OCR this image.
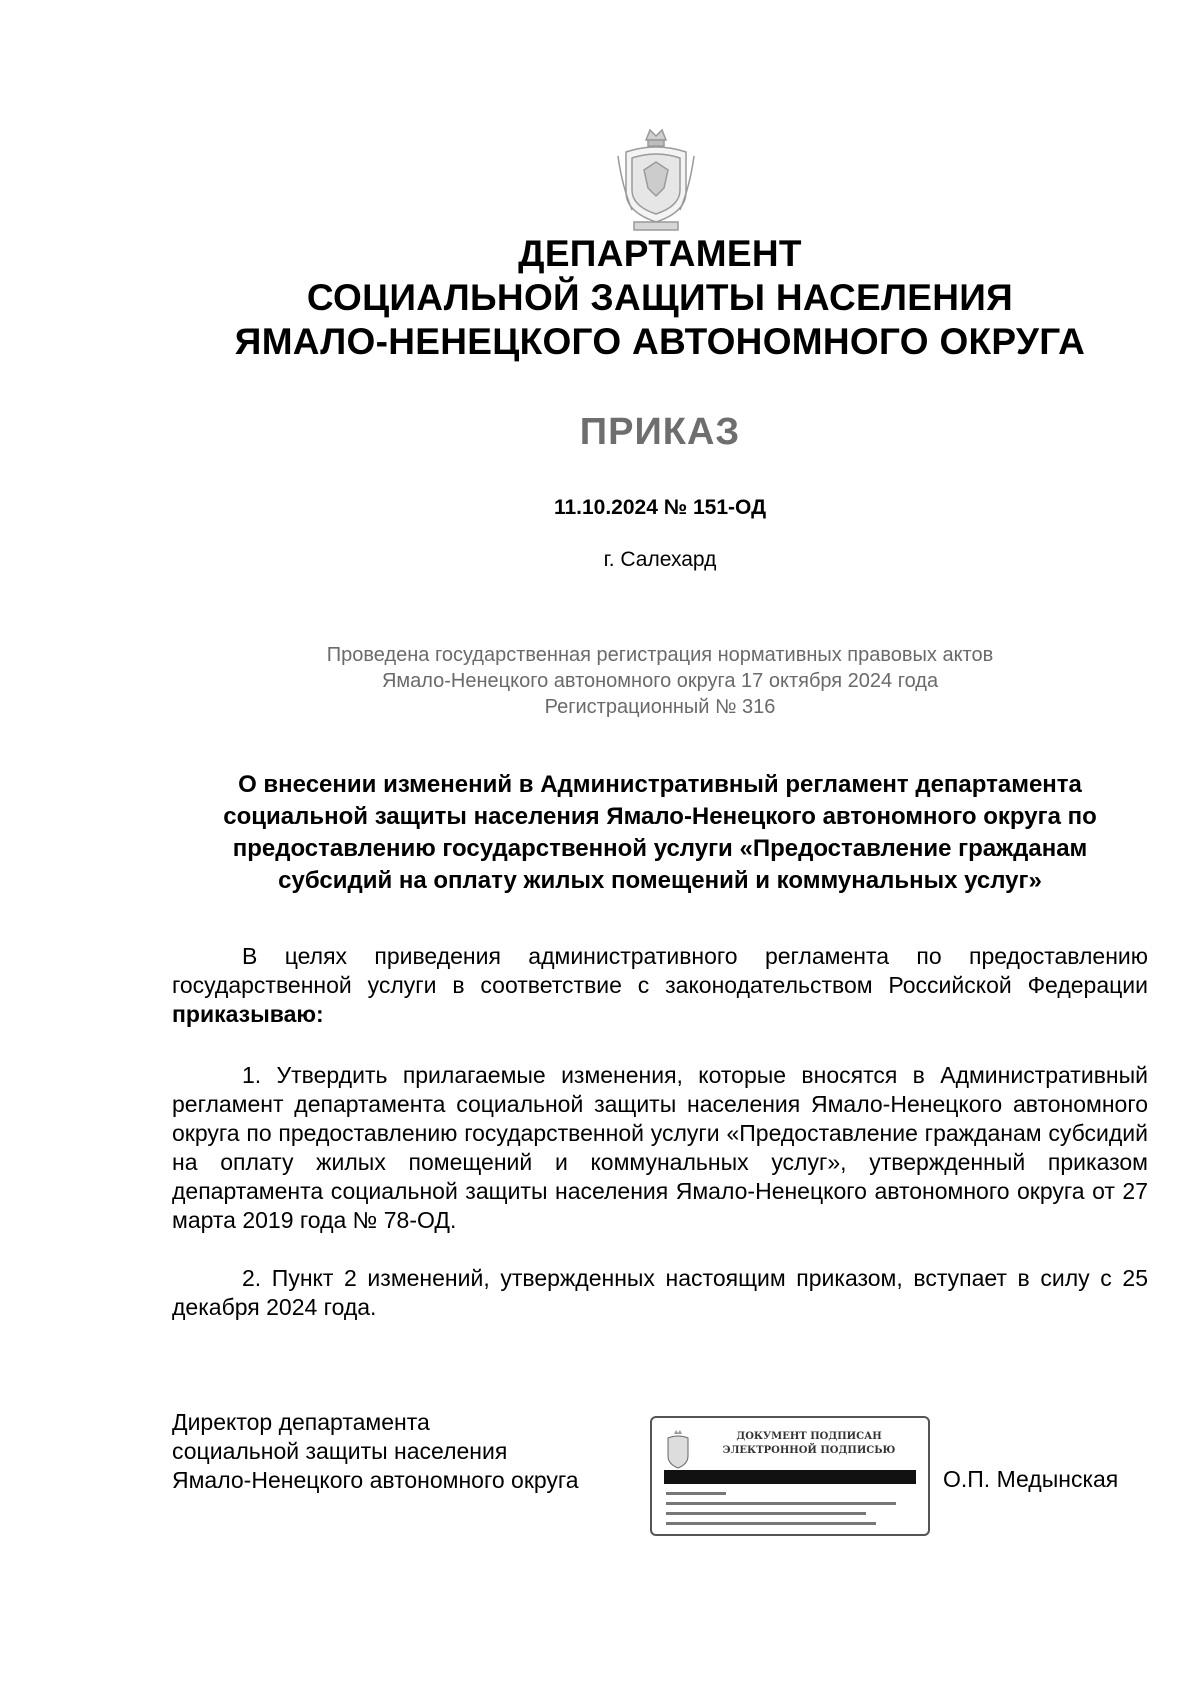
ДЕПАРТАМЕНТ
СОЦИАЛЬНОЙ ЗАЩИТЫ НАСЕЛЕНИЯ
ЯМАЛО-НЕНЕЦКОГО АВТОНОМНОГО ОКРУГА
ПРИКАЗ
11.10.2024 № 151-ОД
г. Салехард
Проведена государственная регистрация нормативных правовых актов
Ямало-Ненецкого автономного округа 17 октября 2024 года
Регистрационный № 316
О внесении изменений в Административный регламент департамента
социальной защиты населения Ямало-Ненецкого автономного округа по
предоставлению государственной услуги «Предоставление гражданам
субсидий на оплату жилых помещений и коммунальных услуг»
В целях приведения административного регламента по предоставлению государственной услуги в соответствие с законодательством Российской Федерации приказываю:
1. Утвердить прилагаемые изменения, которые вносятся в Административный регламент департамента социальной защиты населения Ямало-Ненецкого автономного округа по предоставлению государственной услуги «Предоставление гражданам субсидий на оплату жилых помещений и коммунальных услуг», утвержденный приказом департамента социальной защиты населения Ямало-Ненецкого автономного округа от 27 марта 2019 года № 78-ОД.
2. Пункт 2 изменений, утвержденных настоящим приказом, вступает в силу с 25 декабря 2024 года.
Директор департамента
социальной защиты населения
Ямало-Ненецкого автономного округа
ДОКУМЕНТ ПОДПИСАН
ЭЛЕКТРОННОЙ ПОДПИСЬЮ
О.П. Медынская
